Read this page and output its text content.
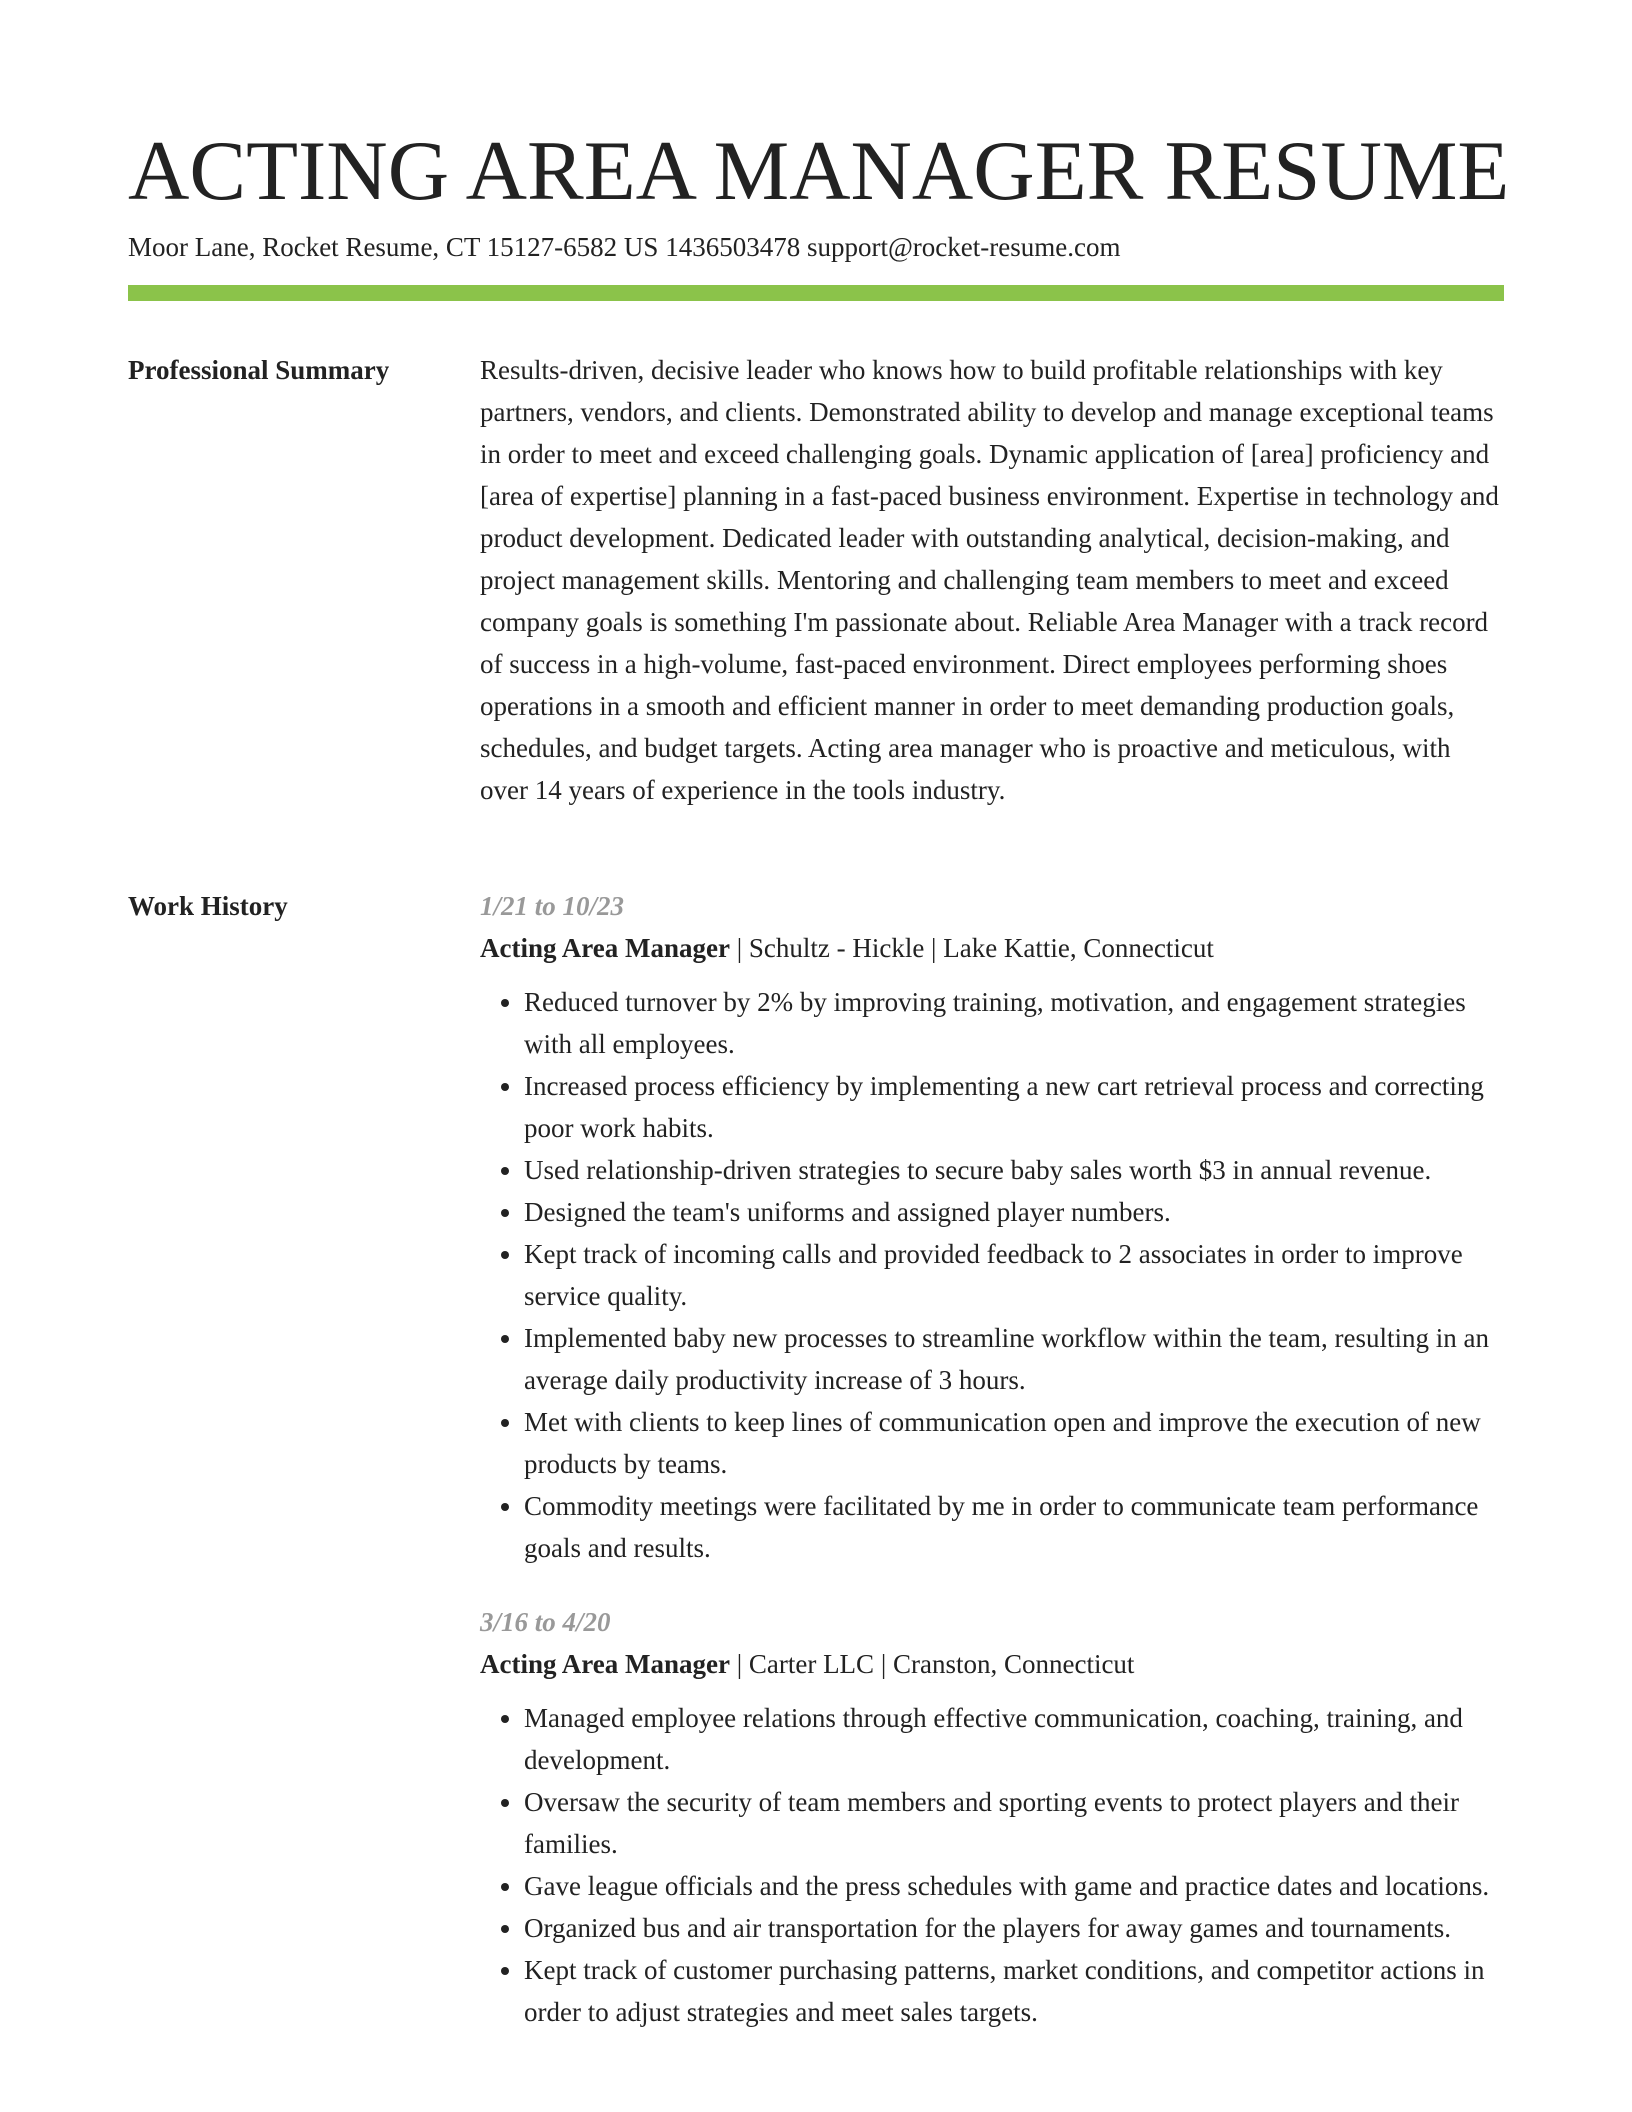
ACTING AREA MANAGER RESUME
Moor Lane, Rocket Resume, CT 15127-6582 US 1436503478 support@rocket-resume.com
Professional Summary	Results-driven, decisive leader who knows how to build profitable relationships with key partners, vendors, and clients. Demonstrated ability to develop and manage exceptional teams in order to meet and exceed challenging goals. Dynamic application of [area] proficiency and [area of expertise] planning in a fast-paced business environment. Expertise in technology and product development. Dedicated leader with outstanding analytical, decision-making, and project management skills. Mentoring and challenging team members to meet and exceed company goals is something I'm passionate about. Reliable Area Manager with a track record of success in a high-volume, fast-paced environment. Direct employees performing shoes operations in a smooth and efficient manner in order to meet demanding production goals, schedules, and budget targets. Acting area manager who is proactive and meticulous, with over 14 years of experience in the tools industry.

Work History	1/21 to 10/23
Acting Area Manager | Schultz - Hickle | Lake Kattie, Connecticut
• Reduced turnover by 2% by improving training, motivation, and engagement strategies with all employees.
• Increased process efficiency by implementing a new cart retrieval process and correcting poor work habits.
• Used relationship-driven strategies to secure baby sales worth $3 in annual revenue.
• Designed the team's uniforms and assigned player numbers.
• Kept track of incoming calls and provided feedback to 2 associates in order to improve service quality.
• Implemented baby new processes to streamline workflow within the team, resulting in an average daily productivity increase of 3 hours.
• Met with clients to keep lines of communication open and improve the execution of new products by teams.
• Commodity meetings were facilitated by me in order to communicate team performance goals and results.
3/16 to 4/20
Acting Area Manager | Carter LLC | Cranston, Connecticut
• Managed employee relations through effective communication, coaching, training, and development.
• Oversaw the security of team members and sporting events to protect players and their families.
• Gave league officials and the press schedules with game and practice dates and locations.
• Organized bus and air transportation for the players for away games and tournaments.
• Kept track of customer purchasing patterns, market conditions, and competitor actions in order to adjust strategies and meet sales targets.
